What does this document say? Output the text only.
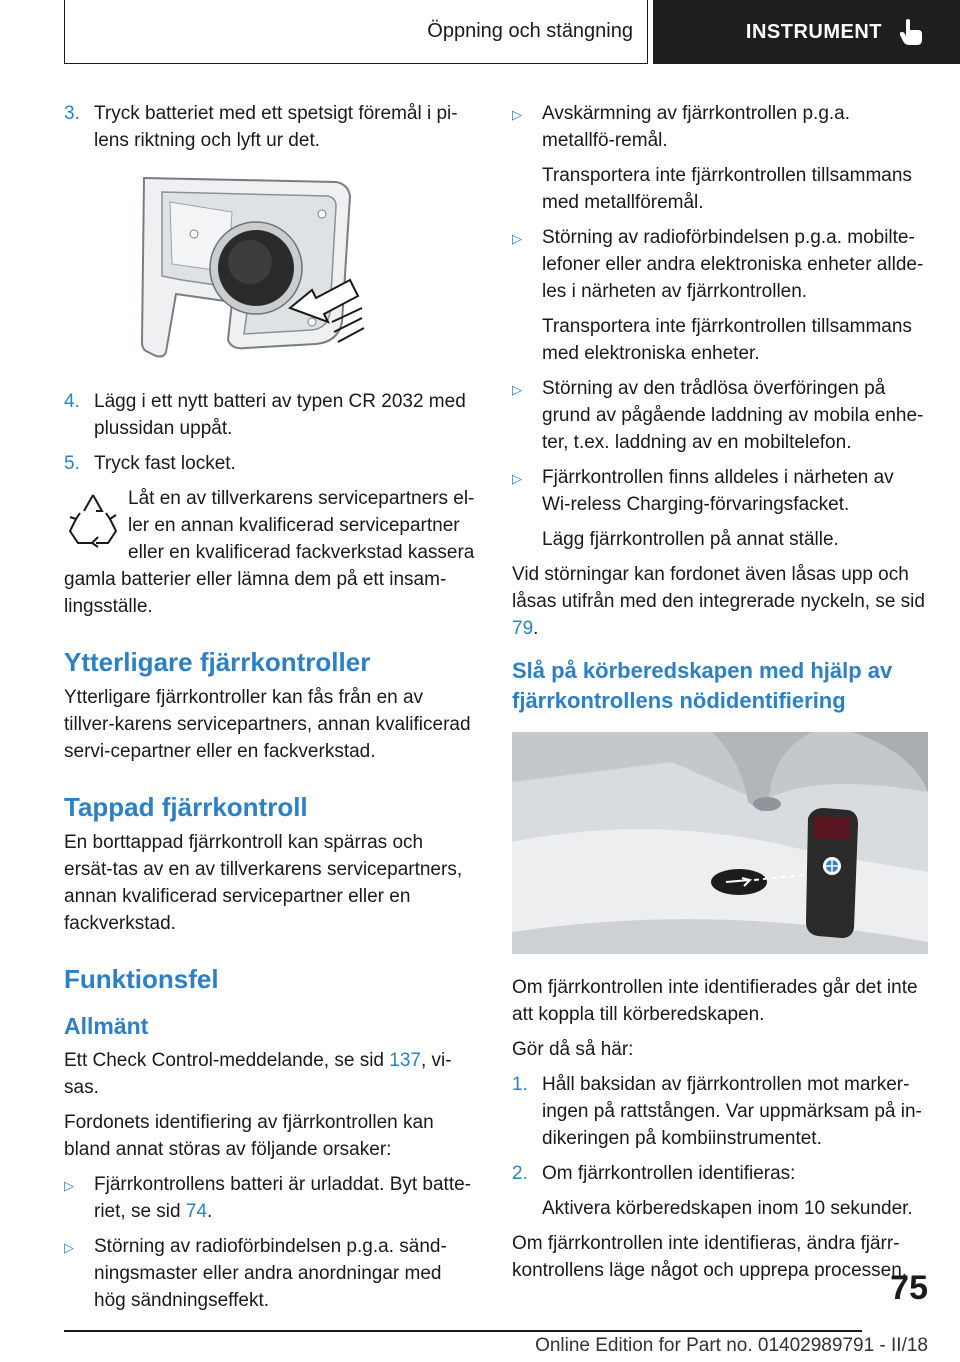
Öppning och stängning	INSTRUMENT
3. Tryck batteriet med ett spetsigt föremål i pi-lens riktning och lyft ur det.
4. Lägg i ett nytt batteri av typen CR 2032 med plussidan uppåt.
5. Tryck fast locket.
Låt en av tillverkarens servicepartners el-ler en annan kvalificerad servicepartner eller en kvalificerad fackverkstad kassera gamla batterier eller lämna dem på ett insam-lingsställe.
Ytterligare fjärrkontroller

Ytterligare fjärrkontroller kan fås från en av tillver-karens servicepartners, annan kvalificerad servi-cepartner eller en fackverkstad.

Tappad fjärrkontroll

En borttappad fjärrkontroll kan spärras och ersät-tas av en av tillverkarens servicepartners, annan kvalificerad servicepartner eller en fackverkstad.

Funktionsfel
Allmänt

Ett Check Control-meddelande, se sid 137, vi-sas.

Fordonets identifiering av fjärrkontrollen kan bland annat störas av följande orsaker:

▷	Fjärrkontrollens batteri är urladdat. Byt batte-riet, se sid 74.
▷	Störning av radioförbindelsen p.g.a. sänd-ningsmaster eller andra anordningar med hög sändningseffekt.
▷	Avskärmning av fjärrkontrollen p.g.a. metallfö-remål.

Transportera inte fjärrkontrollen tillsammans med metallföremål.

▷	Störning av radioförbindelsen p.g.a. mobilte-lefoner eller andra elektroniska enheter allde-les i närheten av fjärrkontrollen.

Transportera inte fjärrkontrollen tillsammans med elektroniska enheter.

▷	Störning av den trådlösa överföringen på grund av pågående laddning av mobila enhe-ter, t.ex. laddning av en mobiltelefon.
▷	Fjärrkontrollen finns alldeles i närheten av Wi-reless Charging-förvaringsfacket.

Lägg fjärrkontrollen på annat ställe.

Vid störningar kan fordonet även låsas upp och låsas utifrån med den integrerade nyckeln, se sid 79.

Slå på körberedskapen med hjälp av fjärrkontrollens nödidentifiering

Om fjärrkontrollen inte identifierades går det inte att koppla till körberedskapen.

Gör då så här:

1. Håll baksidan av fjärrkontrollen mot marker-ingen på rattstången. Var uppmärksam på in-dikeringen på kombiinstrumentet.
2. Om fjärrkontrollen identifieras:

Aktivera körberedskapen inom 10 sekunder.

Om fjärrkontrollen inte identifieras, ändra fjärr-kontrollens läge något och upprepa processen.

75
Online Edition for Part no. 01402989791 - II/18
